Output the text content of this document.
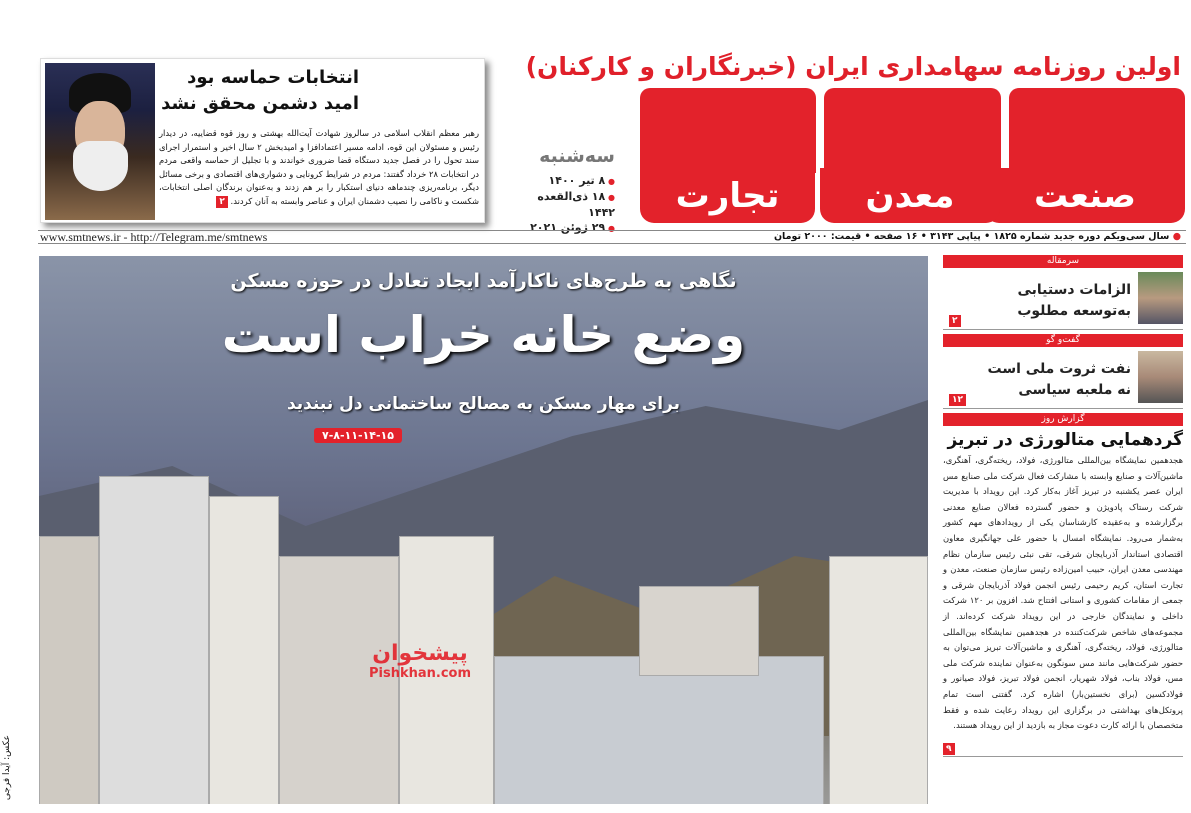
اولین روزنامه سهامداری ایران (خبرنگاران و کارکنان)
صنعت
معدن
تجارت
سه‌شنبه
● ۸ تیر ۱۴۰۰
● ۱۸ ذی‌القعده ۱۴۴۲
● ۲۹ ژوئن ۲۰۲۱
انتخابات حماسه بود
امید دشمن محقق نشد

رهبر معظم انقلاب اسلامی در سالروز شهادت آیت‌الله بهشتی و روز قوه قضاییه، در دیدار رئیس و مسئولان این قوه، ادامه مسیر اعتمادافزا و امیدبخش ۲ سال اخیر و استمرار اجرای سند تحول را در فصل جدید دستگاه قضا ضروری خواندند و با تجلیل از حماسه واقعی مردم در انتخابات ۲۸ خرداد گفتند: مردم در شرایط کرونایی و دشواری‌های اقتصادی و برخی مسائل دیگر، برنامه‌ریزی چندماهه دنیای استکبار را بر هم زدند و به‌عنوان برندگان اصلی انتخابات، شکست و ناکامی را نصیب دشمنان ایران و عناصر وابسته به آنان کردند. ۲

www.smtnews.ir - http://Telegram.me/smtnews	● سال سی‌ویکم دوره جدید شماره ۱۸۲۵ • پیاپی ۳۱۴۳ • ۱۶ صفحه • قیمت: ۲۰۰۰ تومان
نگاهی به طرح‌های ناکارآمد ایجاد تعادل در حوزه مسکن
وضع خانه خراب است
برای مهار مسکن به مصالح ساختمانی دل نبندید
۷-۸-۱۱-۱۴-۱۵
پیشخوان
Pishkhan.com
عکس: آیدا فرجی
سرمقاله
الزامات دستیابی
به‌توسعه مطلوب
۲
گفت‌و گو
نفت ثروت ملی است
نه ملعبه سیاسی
۱۲
گزارش روز
گردهمایی متالورژی در تبریز

هجدهمین نمایشگاه بین‌المللی متالورژی، فولاد، ریخته‌گری، آهنگری، ماشین‌آلات و صنایع وابسته با مشارکت فعال شرکت ملی صنایع مس ایران عصر یکشنبه در تبریز آغاز به‌کار کرد. این رویداد با مدیریت شرکت رستاک پادویژن و حضور گسترده فعالان صنایع معدنی برگزارشده و به‌عقیده کارشناسان یکی از رویدادهای مهم کشور به‌شمار می‌رود. نمایشگاه امسال با حضور علی جهانگیری معاون اقتصادی استاندار آذربایجان شرقی، تقی نبئی رئیس سازمان نظام مهندسی معدن ایران، حبیب امین‌زاده رئیس سازمان صنعت، معدن و تجارت استان، کریم رحیمی رئیس انجمن فولاد آذربایجان شرقی و جمعی از مقامات کشوری و استانی افتتاح شد. افزون بر ۱۲۰ شرکت داخلی و نمایندگان خارجی در این رویداد شرکت کرده‌اند. از مجموعه‌های شاخص شرکت‌کننده در هجدهمین نمایشگاه بین‌المللی متالورژی، فولاد، ریخته‌گری، آهنگری و ماشین‌آلات تبریز می‌توان به حضور شرکت‌هایی مانند مس سونگون به‌عنوان نماینده شرکت ملی مس، فولاد بناب، فولاد شهریار، انجمن فولاد تبریز، فولاد صیانور و فولادکسین (برای نخستین‌بار) اشاره کرد. گفتنی است تمام پروتکل‌های بهداشتی در برگزاری این رویداد رعایت شده و فقط متخصصان با ارائه کارت دعوت مجاز به بازدید از این رویداد هستند.

۹
